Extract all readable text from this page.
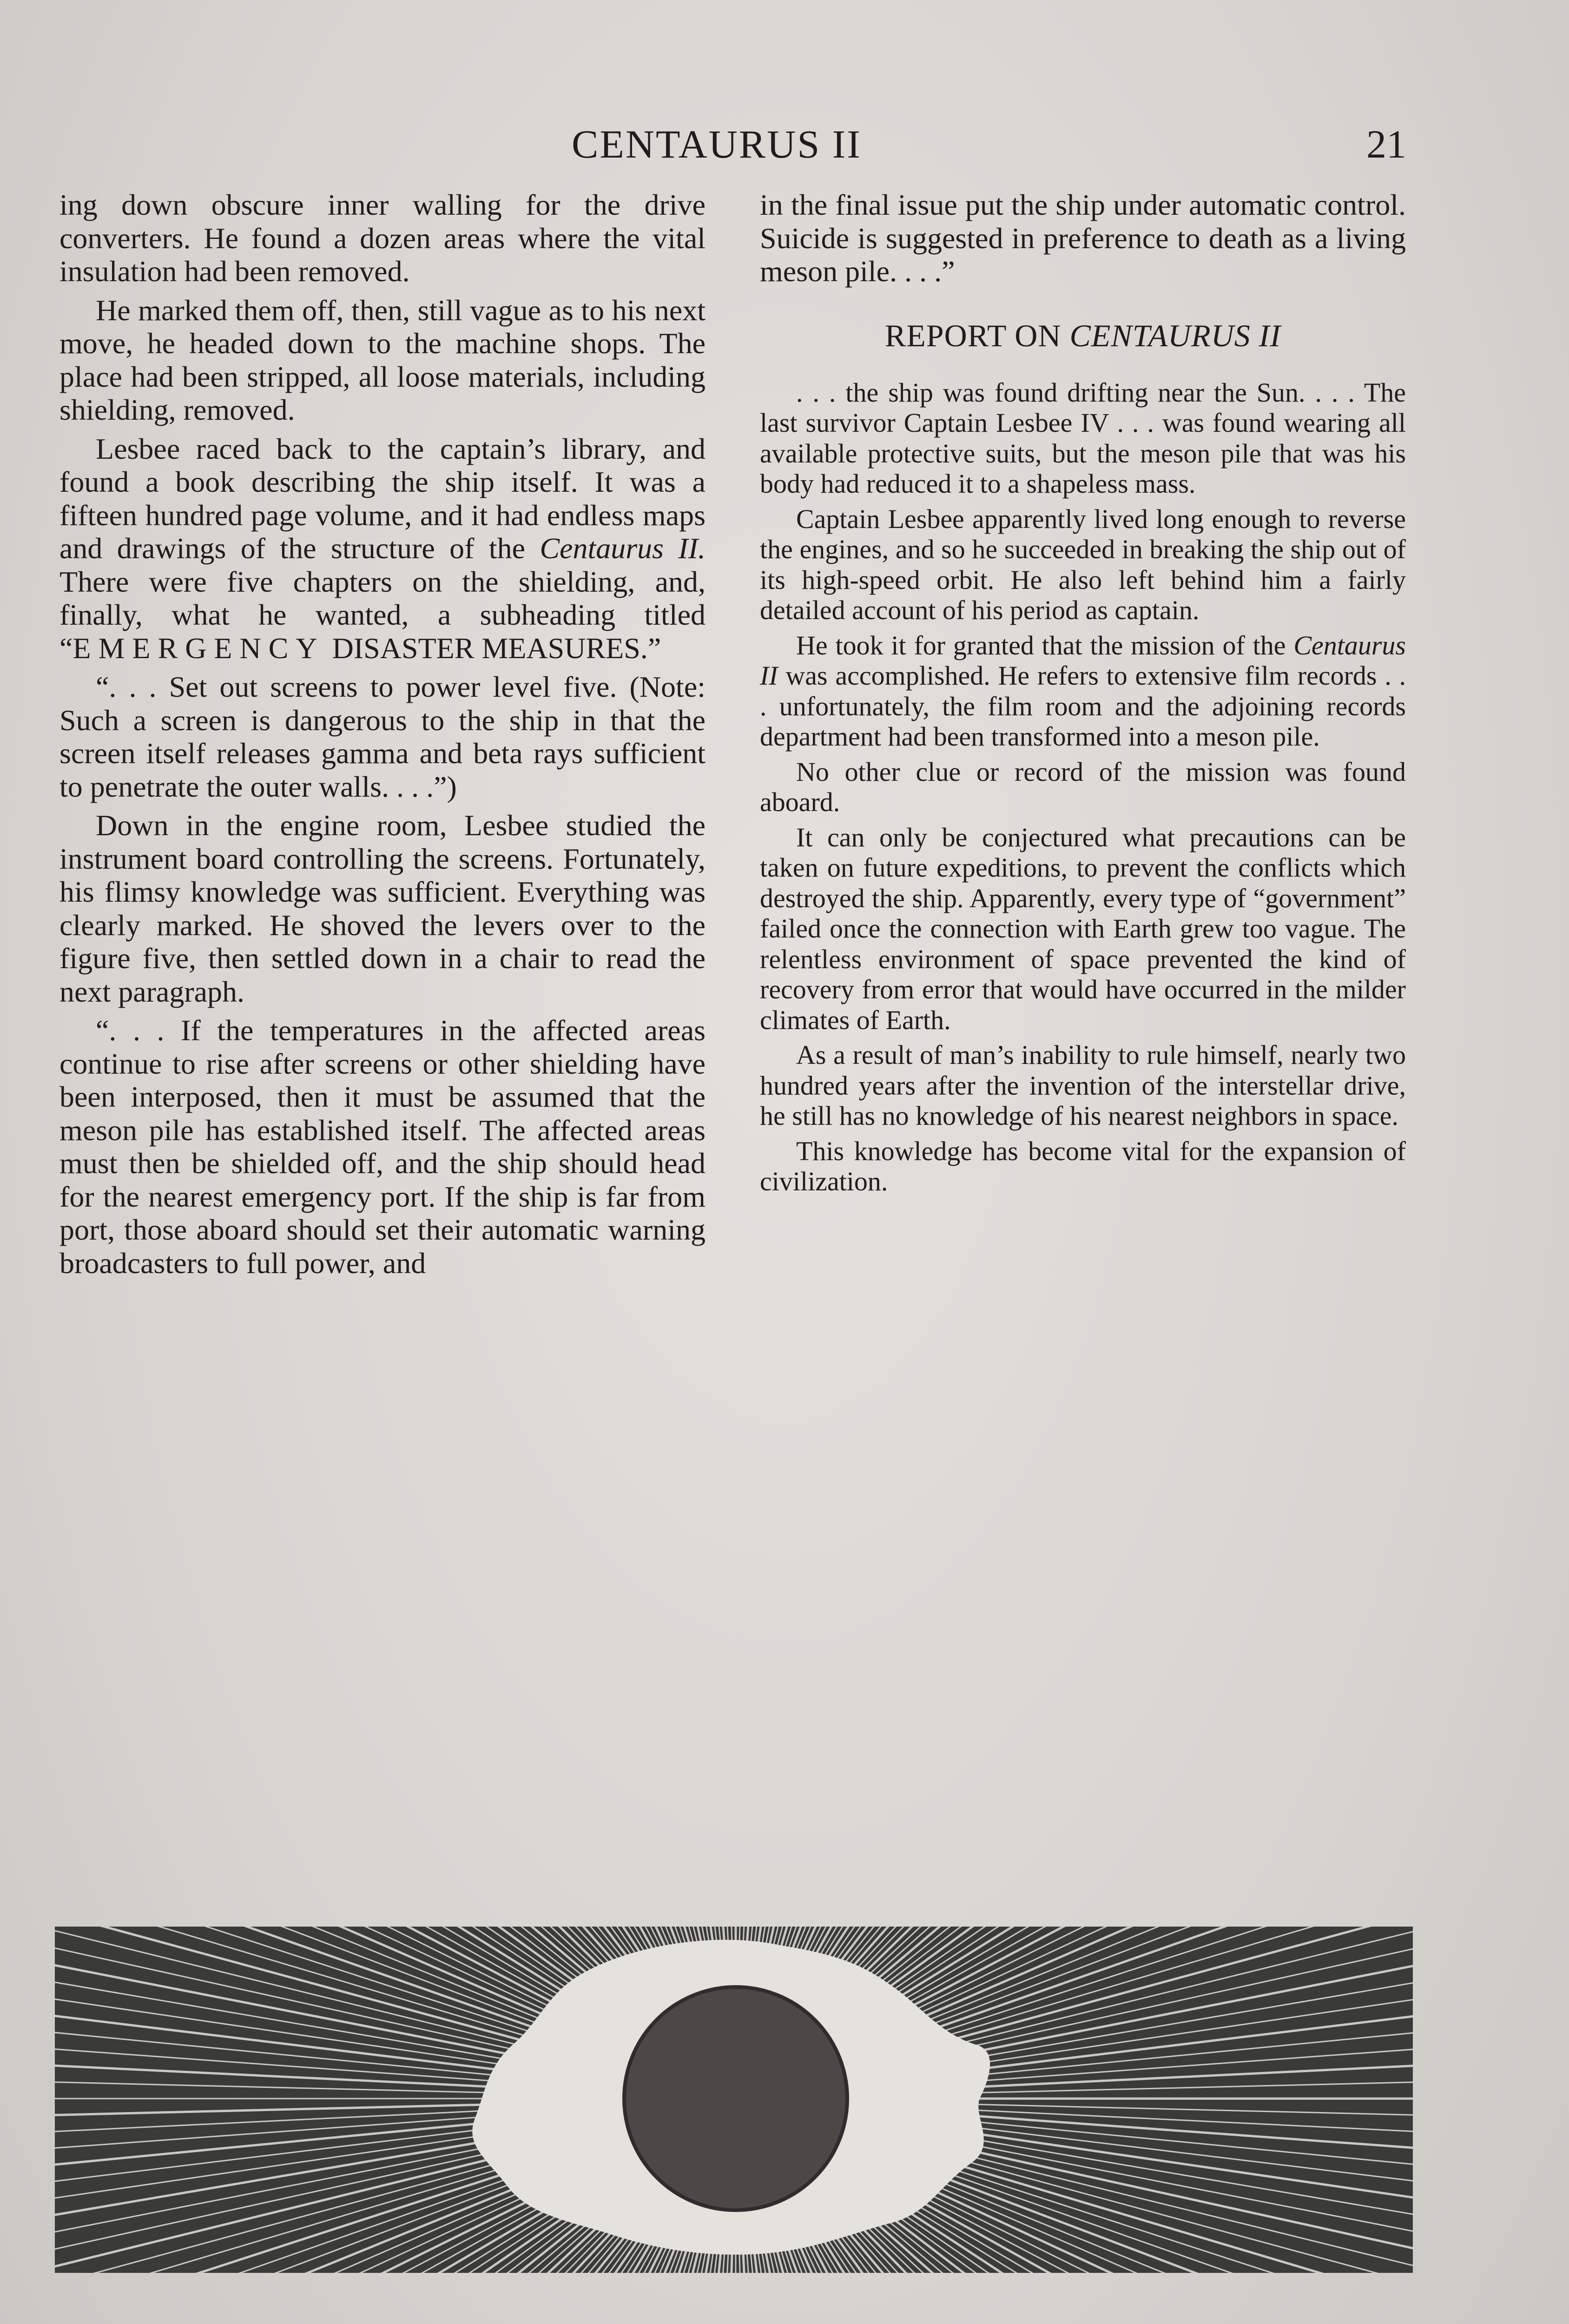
CENTAURUS II	21

ing down obscure inner walling for the drive converters. He found a dozen areas where the vital insulation had been removed.

He marked them off, then, still vague as to his next move, he headed down to the machine shops. The place had been stripped, all loose materials, including shielding, removed.

Lesbee raced back to the captain’s library, and found a book describing the ship itself. It was a fifteen hundred page volume, and it had endless maps and drawings of the structure of the Centaurus II. There were five chapters on the shielding, and, finally, what he wanted, a subheading titled “EMERGENCY DISASTER MEASURES.”

“. . . Set out screens to power level five. (Note: Such a screen is dangerous to the ship in that the screen itself releases gamma and beta rays sufficient to penetrate the outer walls. . . .”)

Down in the engine room, Lesbee studied the instrument board controlling the screens. Fortunately, his flimsy knowledge was sufficient. Everything was clearly marked. He shoved the levers over to the figure five, then settled down in a chair to read the next paragraph.

“. . . If the temperatures in the affected areas continue to rise after screens or other shielding have been interposed, then it must be assumed that the meson pile has established itself. The affected areas must then be shielded off, and the ship should head for the nearest emergency port. If the ship is far from port, those aboard should set their automatic warning broadcasters to full power, and

in the final issue put the ship under automatic control. Suicide is suggested in preference to death as a living meson pile. . . .”

REPORT ON CENTAURUS II

. . . the ship was found drifting near the Sun. . . . The last survivor Captain Lesbee IV . . . was found wearing all available protective suits, but the meson pile that was his body had reduced it to a shapeless mass.

Captain Lesbee apparently lived long enough to reverse the engines, and so he succeeded in breaking the ship out of its high-speed orbit. He also left behind him a fairly detailed account of his period as captain.

He took it for granted that the mission of the Centaurus II was accomplished. He refers to extensive film records . . . unfortunately, the film room and the adjoining records department had been transformed into a meson pile.

No other clue or record of the mission was found aboard.

It can only be conjectured what precautions can be taken on future expeditions, to prevent the conflicts which destroyed the ship. Apparently, every type of “government” failed once the connection with Earth grew too vague. The relentless environment of space prevented the kind of recovery from error that would have occurred in the milder climates of Earth.

As a result of man’s inability to rule himself, nearly two hundred years after the invention of the interstellar drive, he still has no knowledge of his nearest neighbors in space.

This knowledge has become vital for the expansion of civilization.
